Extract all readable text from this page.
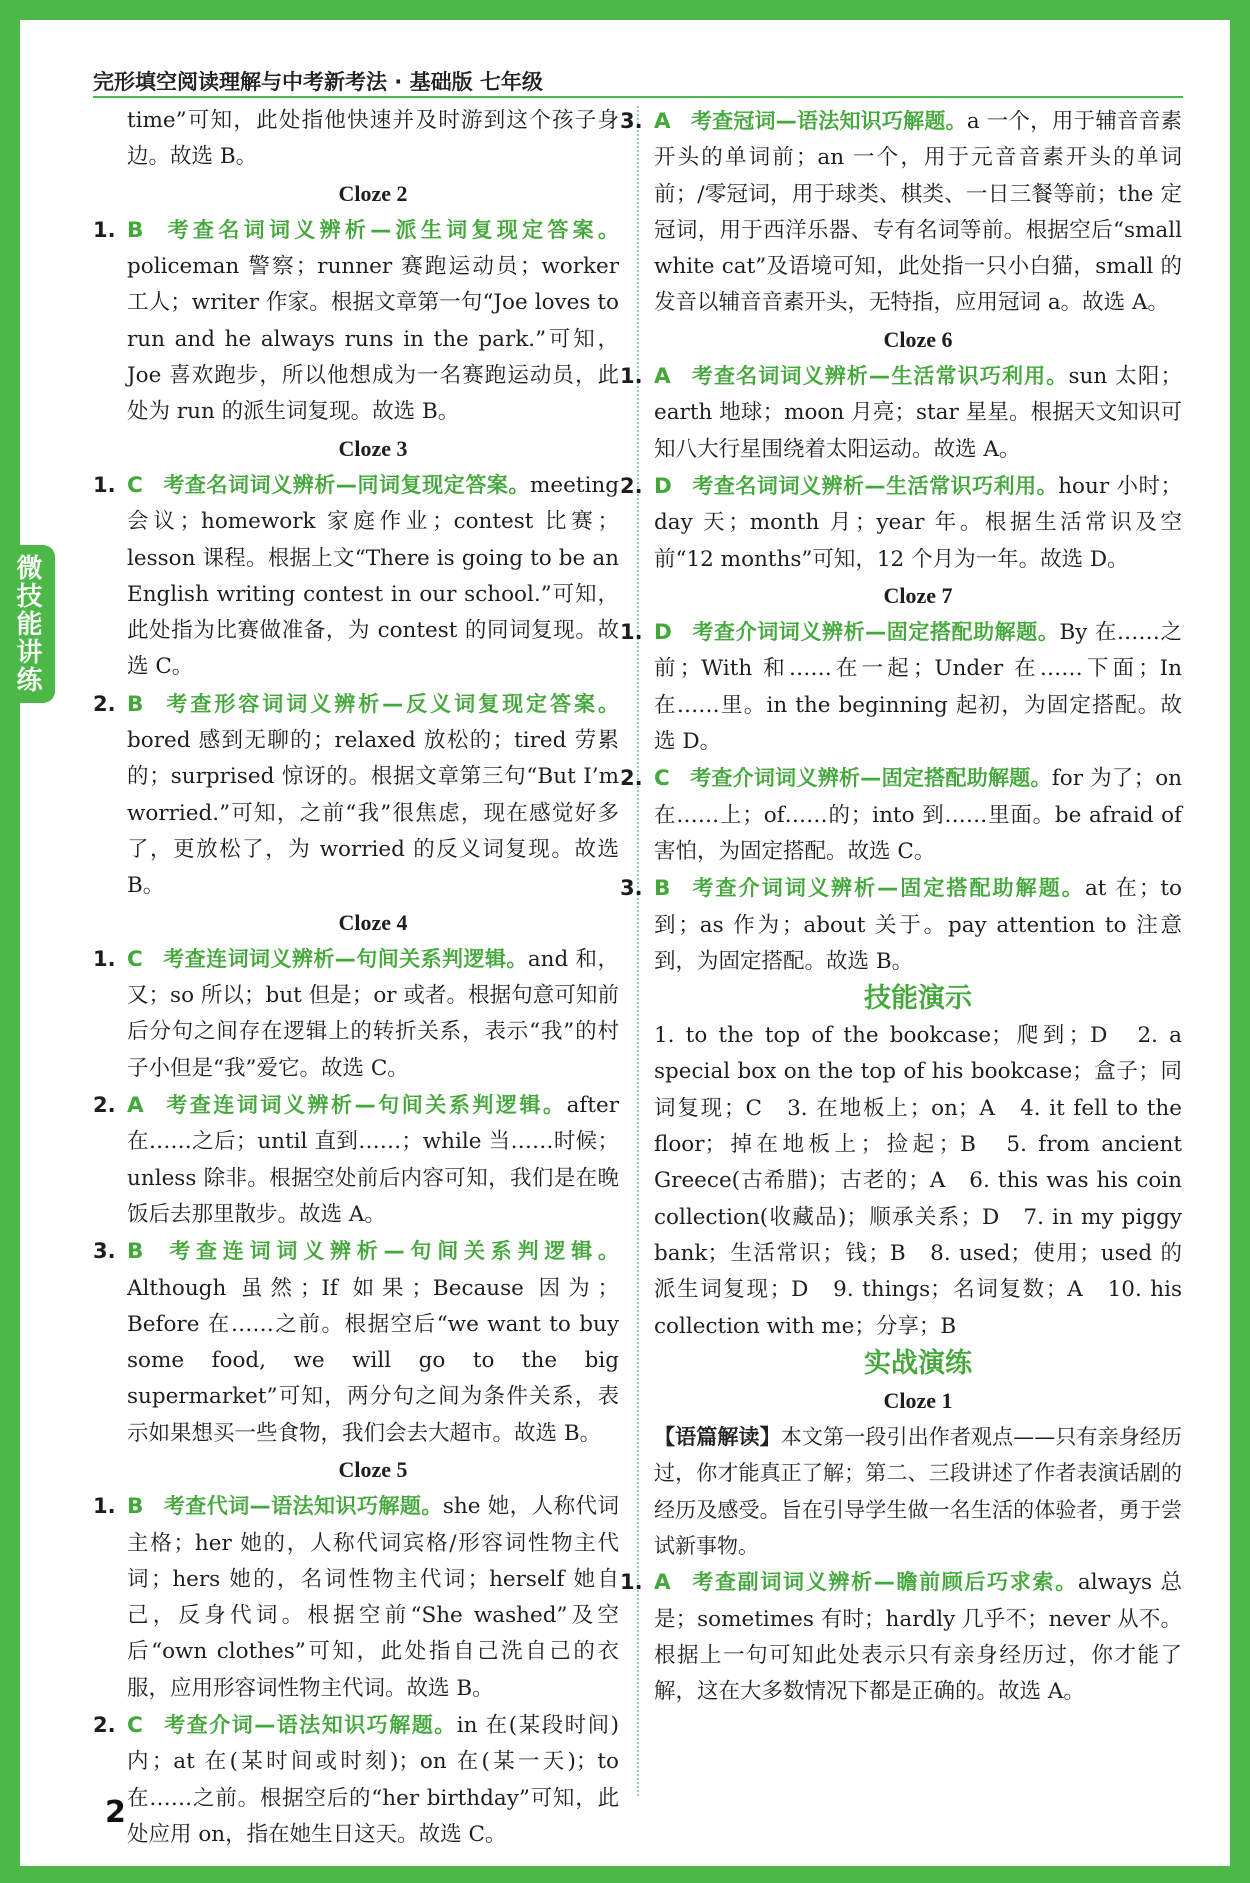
完形填空阅读理解与中考新考法 · 基础版 七年级
微技能讲练

time”可知，此处指他快速并及时游到这个孩子身边。故选 B。

Cloze 2

1. B 考查名词词义辨析—派生词复现定答案。policeman 警察；runner 赛跑运动员；worker 工人；writer 作家。根据文章第一句“Joe loves to run and he always runs in the park.”可知，Joe 喜欢跑步，所以他想成为一名赛跑运动员，此处为 run 的派生词复现。故选 B。

Cloze 3

1. C 考查名词词义辨析—同词复现定答案。meeting 会议；homework 家庭作业；contest 比赛；lesson 课程。根据上文“There is going to be an English writing contest in our school.”可知，此处指为比赛做准备，为 contest 的同词复现。故选 C。
2. B 考查形容词词义辨析—反义词复现定答案。bored 感到无聊的；relaxed 放松的；tired 劳累的；surprised 惊讶的。根据文章第三句“But I’m worried.”可知，之前“我”很焦虑，现在感觉好多了，更放松了，为 worried 的反义词复现。故选 B。

Cloze 4

1. C 考查连词词义辨析—句间关系判逻辑。and 和，又；so 所以；but 但是；or 或者。根据句意可知前后分句之间存在逻辑上的转折关系，表示“我”的村子小但是“我”爱它。故选 C。
2. A 考查连词词义辨析—句间关系判逻辑。after 在……之后；until 直到……；while 当……时候；unless 除非。根据空处前后内容可知，我们是在晚饭后去那里散步。故选 A。
3. B 考查连词词义辨析—句间关系判逻辑。Although 虽然；If 如果；Because 因为；Before 在……之前。根据空后“we want to buy some food, we will go to the big supermarket”可知，两分句之间为条件关系，表示如果想买一些食物，我们会去大超市。故选 B。

Cloze 5

1. B 考查代词—语法知识巧解题。she 她，人称代词主格；her 她的，人称代词宾格/形容词性物主代词；hers 她的，名词性物主代词；herself 她自己，反身代词。根据空前“She washed”及空后“own clothes”可知，此处指自己洗自己的衣服，应用形容词性物主代词。故选 B。
2. C 考查介词—语法知识巧解题。in 在(某段时间)内；at 在(某时间或时刻)；on 在(某一天)；to 在……之前。根据空后的“her birthday”可知，此处应用 on，指在她生日这天。故选 C。
3. A 考查冠词—语法知识巧解题。a 一个，用于辅音音素开头的单词前；an 一个，用于元音音素开头的单词前；/零冠词，用于球类、棋类、一日三餐等前；the 定冠词，用于西洋乐器、专有名词等前。根据空后“small white cat”及语境可知，此处指一只小白猫，small 的发音以辅音音素开头，无特指，应用冠词 a。故选 A。

Cloze 6

1. A 考查名词词义辨析—生活常识巧利用。sun 太阳；earth 地球；moon 月亮；star 星星。根据天文知识可知八大行星围绕着太阳运动。故选 A。
2. D 考查名词词义辨析—生活常识巧利用。hour 小时；day 天；month 月；year 年。根据生活常识及空前“12 months”可知，12 个月为一年。故选 D。

Cloze 7

1. D 考查介词词义辨析—固定搭配助解题。By 在……之前；With 和……在一起；Under 在……下面；In 在……里。in the beginning 起初，为固定搭配。故选 D。
2. C 考查介词词义辨析—固定搭配助解题。for 为了；on 在……上；of……的；into 到……里面。be afraid of 害怕，为固定搭配。故选 C。
3. B 考查介词词义辨析—固定搭配助解题。at 在；to 到；as 作为；about 关于。pay attention to 注意到，为固定搭配。故选 B。

技能演示

1. to the top of the bookcase；爬到；D　2. a special box on the top of his bookcase；盒子；同词复现；C　3. 在地板上；on；A　4. it fell to the floor；掉在地板上；捡起；B　5. from ancient Greece(古希腊)；古老的；A　6. this was his coin collection(收藏品)；顺承关系；D　7. in my piggy bank；生活常识；钱；B　8. used；使用；used 的派生词复现；D　9. things；名词复数；A　10. his collection with me；分享；B

实战演练

Cloze 1

【语篇解读】本文第一段引出作者观点——只有亲身经历过，你才能真正了解；第二、三段讲述了作者表演话剧的经历及感受。旨在引导学生做一名生活的体验者，勇于尝试新事物。

1. A 考查副词词义辨析—瞻前顾后巧求索。always 总是；sometimes 有时；hardly 几乎不；never 从不。根据上一句可知此处表示只有亲身经历过，你才能了解，这在大多数情况下都是正确的。故选 A。
2
